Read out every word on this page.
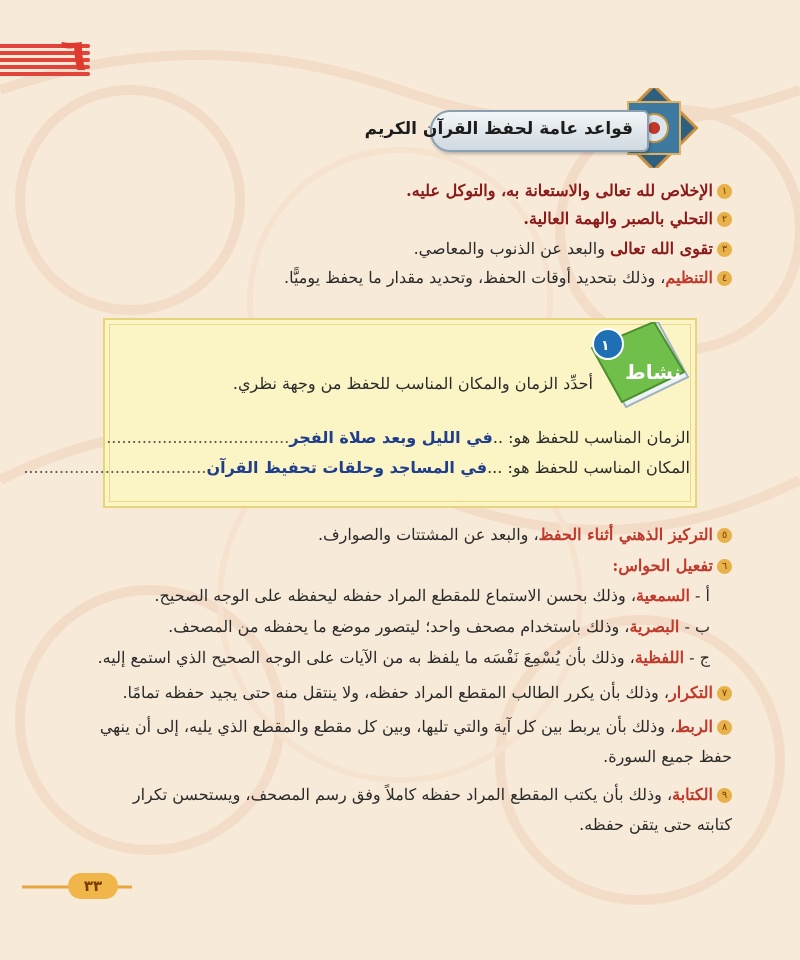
٦
قواعد عامة لحفظ القرآن الكريم
١الإخلاص لله تعالى والاستعانة به، والتوكل عليه.
٢التحلي بالصبر والهمة العالية.
٣تقوى الله تعالى والبعد عن الذنوب والمعاصي.
٤التنظيم، وذلك بتحديد أوقات الحفظ، وتحديد مقدار ما يحفظ يوميًّا.
١
نشاط
أحدِّد الزمان والمكان المناسب للحفظ من وجهة نظري.
الزمان المناسب للحفظ هو: ..في الليل وبعد صلاة الفجر....................................
المكان المناسب للحفظ هو: ...في المساجد وحلقات تحفيظ القرآن....................................
٥التركيز الذهني أثناء الحفظ، والبعد عن المشتتات والصوارف.
٦تفعيل الحواس:
أ - السمعية، وذلك بحسن الاستماع للمقطع المراد حفظه ليحفظه على الوجه الصحيح.
ب - البصرية، وذلك باستخدام مصحف واحد؛ ليتصور موضع ما يحفظه من المصحف.
ج - اللفظية، وذلك بأن يُسْمِعَ نَفْسَه ما يلفظ به من الآيات على الوجه الصحيح الذي استمع إليه.
٧التكرار، وذلك بأن يكرر الطالب المقطع المراد حفظه، ولا ينتقل منه حتى يجيد حفظه تمامًا.
٨الربط، وذلك بأن يربط بين كل آية والتي تليها، وبين كل مقطع والمقطع الذي يليه، إلى أن ينهي
حفظ جميع السورة.
٩الكتابة، وذلك بأن يكتب المقطع المراد حفظه كاملاً وفق رسم المصحف، ويستحسن تكرار
كتابته حتى يتقن حفظه.
٣٣
